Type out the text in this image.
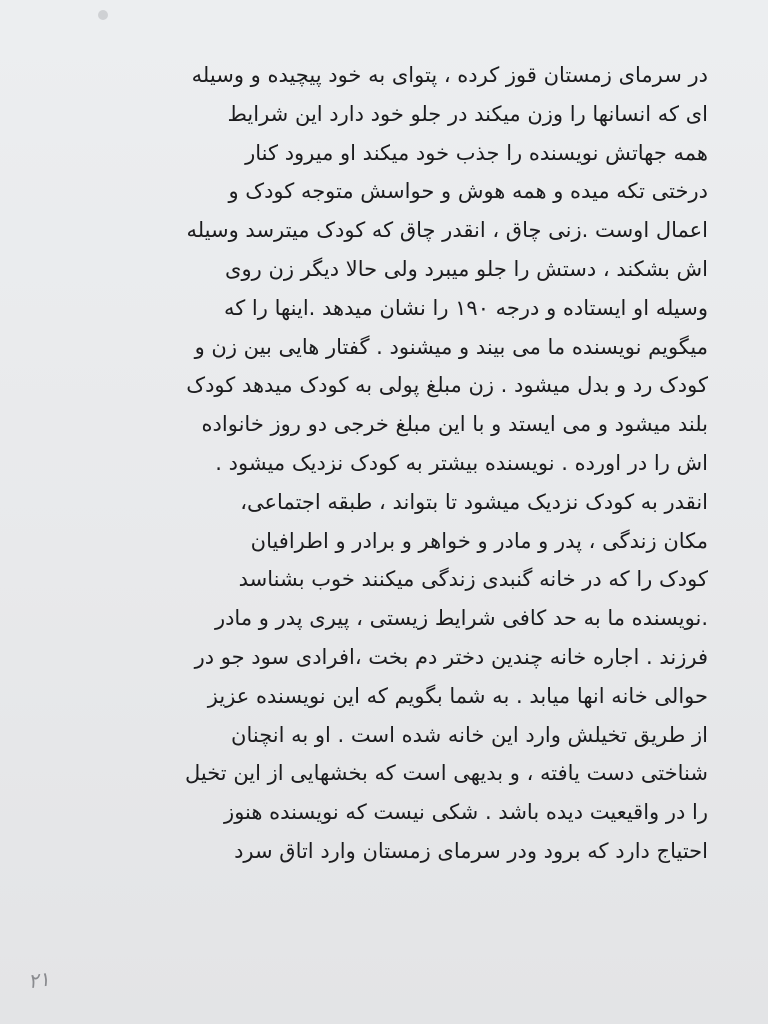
در سرمای زمستان قوز کرده ، پتوای به خود پیچیده و وسیله
ای که انسانها را وزن میکند در جلو خود دارد این شرایط
همه جهاتش نویسنده را جذب خود میکند او میرود کنار
درختی تکه میده و همه هوش و حواسش متوجه کودک و
اعمال اوست .زنی چاق ، انقدر چاق که کودک میترسد وسیله
اش بشکند ، دستش را جلو میبرد ولی حالا دیگر زن روی
وسیله او ایستاده و درجه ۱۹۰ را نشان میدهد .اینها را که
میگویم نویسنده ما می بیند و میشنود . گفتار هایی بین زن و
کودک رد و بدل میشود . زن مبلغ پولی به کودک میدهد کودک
بلند میشود و می ایستد و با این مبلغ خرجی دو روز خانواده
اش را در اورده . نویسنده بیشتر به کودک نزدیک میشود .
انقدر به کودک نزدیک میشود تا بتواند ، طبقه اجتماعی،
مکان زندگی ، پدر و مادر و خواهر و برادر و اطرافیان
کودک را که در خانه گنبدی زندگی میکنند خوب بشناسد
.نویسنده ما به حد کافی شرایط زیستی ، پیری پدر و مادر
فرزند . اجاره خانه چندین دختر دم بخت ،افرادی سود جو در
حوالی خانه انها میابد . به شما بگویم که این نویسنده عزیز
از طریق تخیلش وارد این خانه شده است . او به انچنان
شناختی دست یافته ، و بدیهی است که بخشهایی از این تخیل
را در واقیعیت دیده باشد . شکی نیست که نویسنده هنوز
احتیاج دارد که برود ودر سرمای زمستان وارد اتاق سرد
۲۱
